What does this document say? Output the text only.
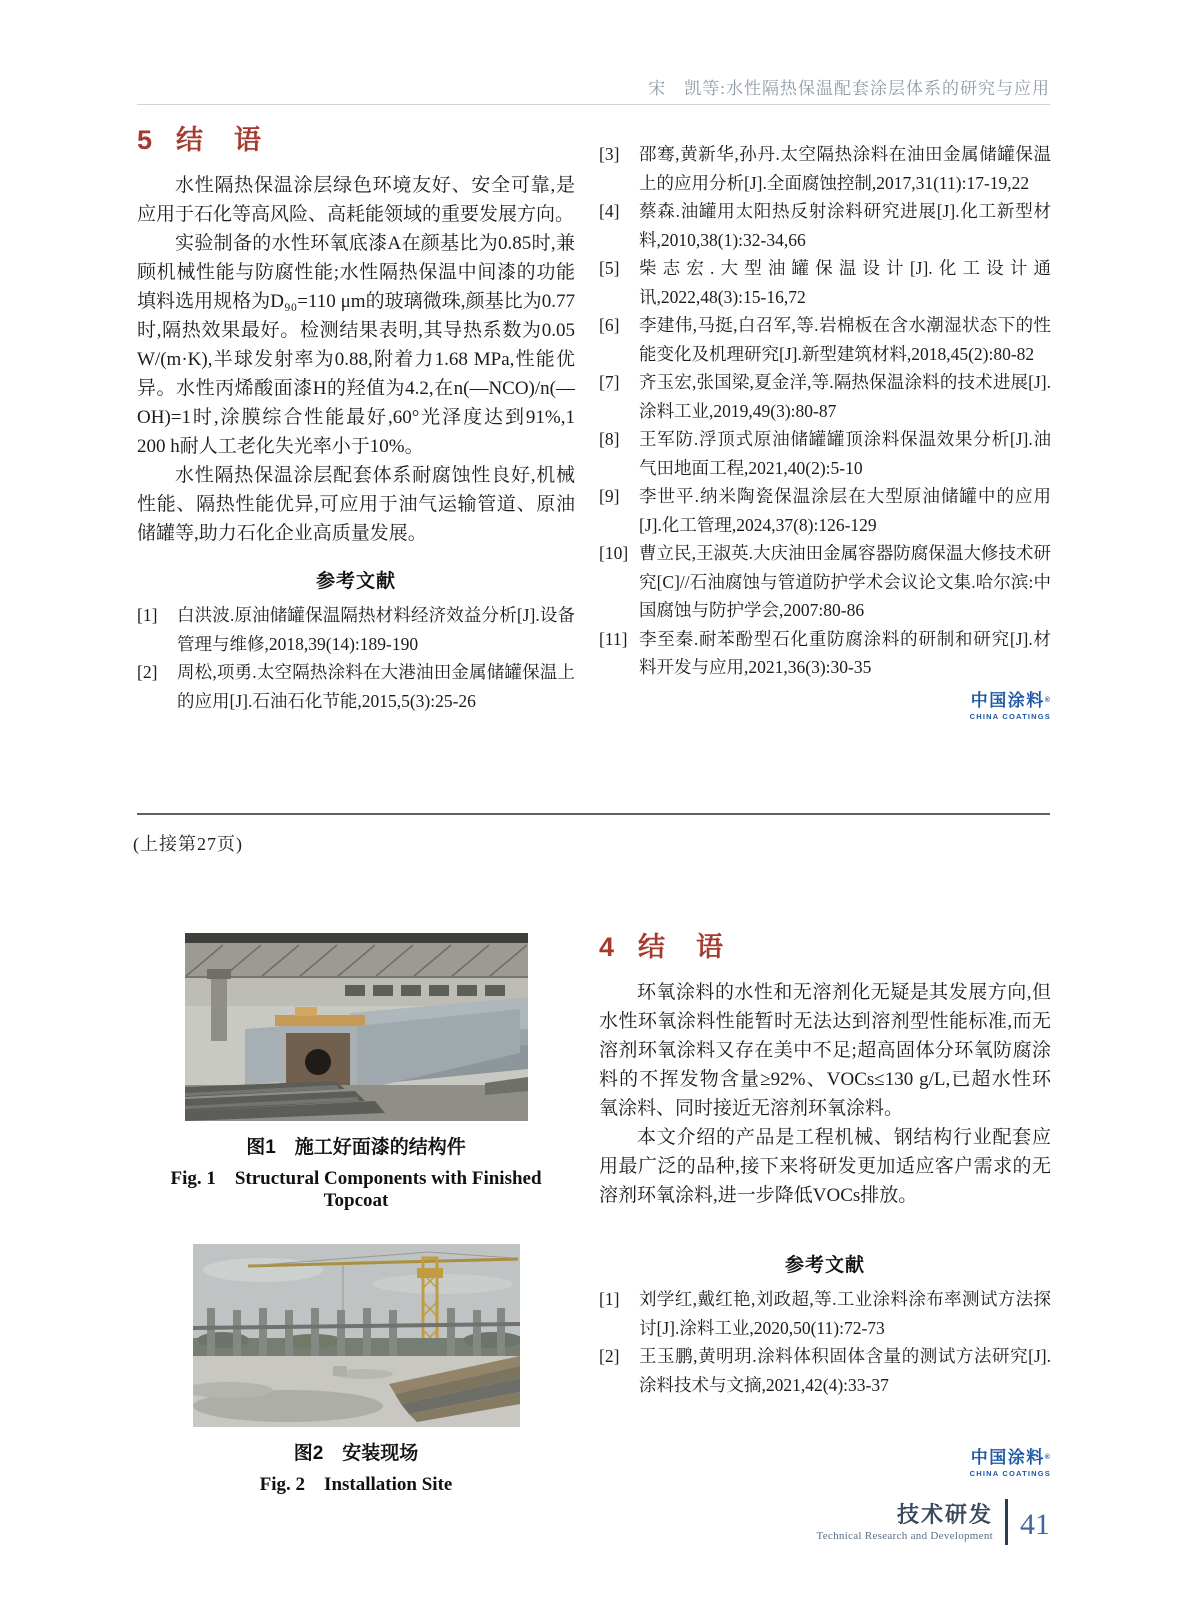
宋　凯等:水性隔热保温配套涂层体系的研究与应用
5 结　语

水性隔热保温涂层绿色环境友好、安全可靠,是应用于石化等高风险、高耗能领域的重要发展方向。

实验制备的水性环氧底漆A在颜基比为0.85时,兼顾机械性能与防腐性能;水性隔热保温中间漆的功能填料选用规格为D₉₀=110 μm的玻璃微珠,颜基比为0.77时,隔热效果最好。检测结果表明,其导热系数为0.05 W/(m·K),半球发射率为0.88,附着力1.68 MPa,性能优异。水性丙烯酸面漆H的羟值为4.2,在n(—NCO)/n(—OH)=1时,涂膜综合性能最好,60°光泽度达到91%,1 200 h耐人工老化失光率小于10%。

水性隔热保温涂层配套体系耐腐蚀性良好,机械性能、隔热性能优异,可应用于油气运输管道、原油储罐等,助力石化企业高质量发展。

参考文献
[1]	白洪波.原油储罐保温隔热材料经济效益分析[J].设备管理与维修,2018,39(14):189-190
[2]	周松,项勇.太空隔热涂料在大港油田金属储罐保温上的应用[J].石油石化节能,2015,5(3):25-26
[3]	邵骞,黄新华,孙丹.太空隔热涂料在油田金属储罐保温上的应用分析[J].全面腐蚀控制,2017,31(11):17-19,22
[4]	蔡森.油罐用太阳热反射涂料研究进展[J].化工新型材料,2010,38(1):32-34,66
[5]	柴志宏.大型油罐保温设计[J].化工设计通讯,2022,48(3):15-16,72
[6]	李建伟,马挺,白召军,等.岩棉板在含水潮湿状态下的性能变化及机理研究[J].新型建筑材料,2018,45(2):80-82
[7]	齐玉宏,张国梁,夏金洋,等.隔热保温涂料的技术进展[J].涂料工业,2019,49(3):80-87
[8]	王军防.浮顶式原油储罐罐顶涂料保温效果分析[J].油气田地面工程,2021,40(2):5-10
[9]	李世平.纳米陶瓷保温涂层在大型原油储罐中的应用[J].化工管理,2024,37(8):126-129
[10] 曹立民,王淑英.大庆油田金属容器防腐保温大修技术研究[C]//石油腐蚀与管道防护学术会议论文集.哈尔滨:中国腐蚀与防护学会,2007:80-86
[11] 李至秦.耐苯酚型石化重防腐涂料的研制和研究[J].材料开发与应用,2021,36(3):30-35
中国涂料®
CHINA COATINGS
(上接第27页)
图1　施工好面漆的结构件
Fig. 1　Structural Components with Finished Topcoat
图2　安装现场
Fig. 2　Installation Site
4 结　语

环氧涂料的水性和无溶剂化无疑是其发展方向,但水性环氧涂料性能暂时无法达到溶剂型性能标准,而无溶剂环氧涂料又存在美中不足;超高固体分环氧防腐涂料的不挥发物含量≥92%、VOCs≤130 g/L,已超水性环氧涂料、同时接近无溶剂环氧涂料。

本文介绍的产品是工程机械、钢结构行业配套应用最广泛的品种,接下来将研发更加适应客户需求的无溶剂环氧涂料,进一步降低VOCs排放。

参考文献
[1]	刘学红,戴红艳,刘政超,等.工业涂料涂布率测试方法探讨[J].涂料工业,2020,50(11):72-73
[2]	王玉鹏,黄明玥.涂料体积固体含量的测试方法研究[J].涂料技术与文摘,2021,42(4):33-37
中国涂料®
CHINA COATINGS
技术研发
Technical Research and Development 41
